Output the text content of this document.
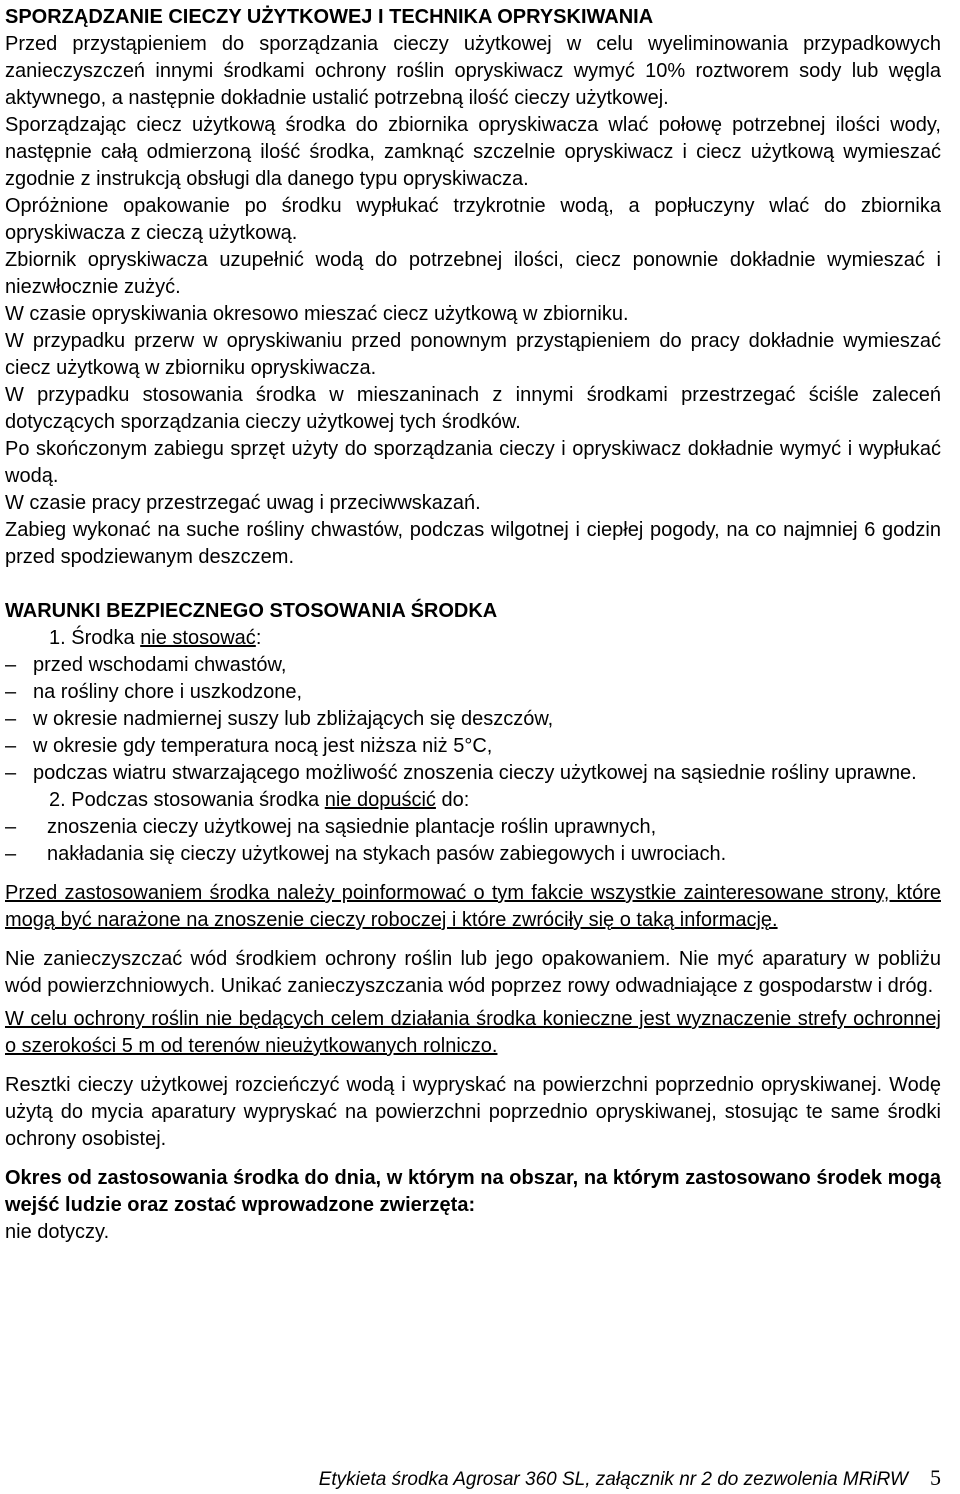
SPORZĄDZANIE CIECZY UŻYTKOWEJ I TECHNIKA OPRYSKIWANIA

Przed przystąpieniem do sporządzania cieczy użytkowej w celu wyeliminowania przypadkowych zanieczyszczeń innymi środkami ochrony roślin opryskiwacz wymyć 10% roztworem sody lub węgla aktywnego, a następnie dokładnie ustalić potrzebną ilość cieczy użytkowej.

Sporządzając ciecz użytkową środka do zbiornika opryskiwacza wlać połowę potrzebnej ilości wody, następnie całą odmierzoną ilość środka, zamknąć szczelnie opryskiwacz i ciecz użytkową wymieszać zgodnie z instrukcją obsługi dla danego typu opryskiwacza.

Opróżnione opakowanie po środku wypłukać trzykrotnie wodą, a popłuczyny wlać do zbiornika opryskiwacza z cieczą użytkową.

Zbiornik opryskiwacza uzupełnić wodą do potrzebnej ilości, ciecz ponownie dokładnie wymieszać i niezwłocznie zużyć.

W czasie opryskiwania okresowo mieszać ciecz użytkową w zbiorniku.

W przypadku przerw w opryskiwaniu przed ponownym przystąpieniem do pracy dokładnie wymieszać ciecz użytkową w zbiorniku opryskiwacza.

W przypadku stosowania środka w mieszaninach z innymi środkami przestrzegać ściśle zaleceń dotyczących sporządzania cieczy użytkowej tych środków.

Po skończonym zabiegu sprzęt użyty do sporządzania cieczy i opryskiwacz dokładnie wymyć i wypłukać wodą.

W czasie pracy przestrzegać uwag i przeciwwskazań.

Zabieg wykonać na suche rośliny chwastów, podczas wilgotnej i ciepłej pogody, na co najmniej 6 godzin przed spodziewanym deszczem.

WARUNKI BEZPIECZNEGO STOSOWANIA ŚRODKA

1. Środka nie stosować:

– przed wschodami chwastów,

– na rośliny chore i uszkodzone,

– w okresie nadmiernej suszy lub zbliżających się deszczów,

– w okresie gdy temperatura nocą jest niższa niż 5°C,

– podczas wiatru stwarzającego możliwość znoszenia cieczy użytkowej na sąsiednie rośliny uprawne.

2. Podczas stosowania środka nie dopuścić do:

– znoszenia cieczy użytkowej na sąsiednie plantacje roślin uprawnych,

– nakładania się cieczy użytkowej na stykach pasów zabiegowych i uwrociach.

Przed zastosowaniem środka należy poinformować o tym fakcie wszystkie zainteresowane strony, które mogą być narażone na znoszenie cieczy roboczej i które zwróciły się o taką informację.

Nie zanieczyszczać wód środkiem ochrony roślin lub jego opakowaniem. Nie myć aparatury w pobliżu wód powierzchniowych. Unikać zanieczyszczania wód poprzez rowy odwadniające z gospodarstw i dróg.

W celu ochrony roślin nie będących celem działania środka konieczne jest wyznaczenie strefy ochronnej o szerokości 5 m od terenów nieużytkowanych rolniczo.

Resztki cieczy użytkowej rozcieńczyć wodą i wypryskać na powierzchni poprzednio opryskiwanej. Wodę użytą do mycia aparatury wypryskać na powierzchni poprzednio opryskiwanej, stosując te same środki ochrony osobistej.

Okres od zastosowania środka do dnia, w którym na obszar, na którym zastosowano środek mogą wejść ludzie oraz zostać wprowadzone zwierzęta:

nie dotyczy.

Etykieta środka Agrosar 360 SL, załącznik nr 2 do zezwolenia MRiRW 5
